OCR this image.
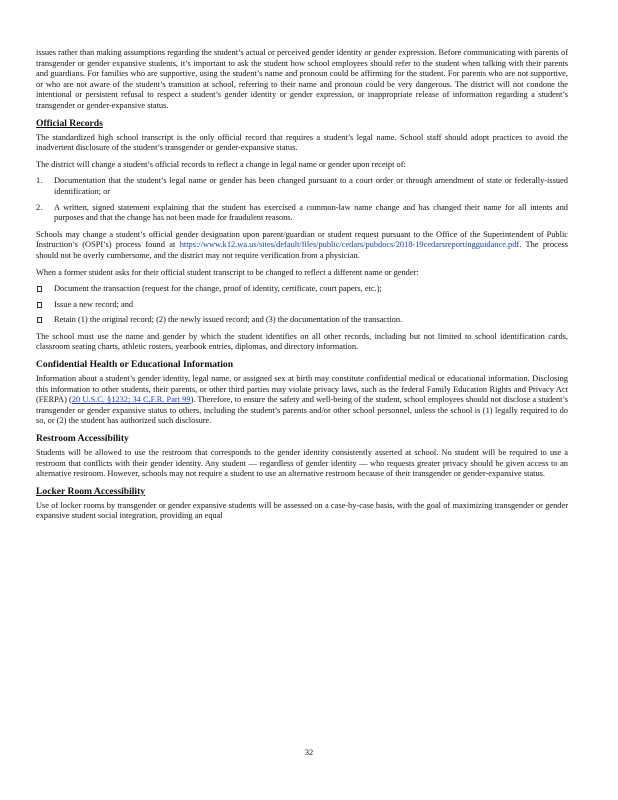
issues rather than making assumptions regarding the student’s actual or perceived gender identity or gender expression. Before communicating with parents of transgender or gender expansive students, it’s important to ask the student how school employees should refer to the student when talking with their parents and guardians. For families who are supportive, using the student’s name and pronoun could be affirming for the student. For parents who are not supportive, or who are not aware of the student’s transition at school, referring to their name and pronoun could be very dangerous. The district will not condone the intentional or persistent refusal to respect a student’s gender identity or gender expression, or inappropriate release of information regarding a student’s transgender or gender-expansive status.

Official Records

The standardized high school transcript is the only official record that requires a student’s legal name. School staff should adopt practices to avoid the inadvertent disclosure of the student’s transgender or gender-expansive status.

The district will change a student’s official records to reflect a change in legal name or gender upon receipt of:

1. Documentation that the student’s legal name or gender has been changed pursuant to a court order or through amendment of state or federally-issued identification; or
2. A written, signed statement explaining that the student has exercised a common-law name change and has changed their name for all intents and purposes and that the change has not been made for fraudulent reasons.

Schools may change a student’s official gender designation upon parent/guardian or student request pursuant to the Office of the Superintendent of Public Instruction’s (OSPI’s) process found at https://www.k12.wa.us/sites/default/files/public/cedars/pubdocs/2018-19cedarsreportingguidance.pdf. The process should not be overly cumbersome, and the district may not require verification from a physician.

When a former student asks for their official student transcript to be changed to reflect a different name or gender:

Document the transaction (request for the change, proof of identity, certificate, court papers, etc.);
Issue a new record; and
Retain (1) the original record; (2) the newly issued record; and (3) the documentation of the transaction.

The school must use the name and gender by which the student identifies on all other records, including but not limited to school identification cards, classroom seating charts, athletic rosters, yearbook entries, diplomas, and directory information.

Confidential Health or Educational Information

Information about a student’s gender identity, legal name, or assigned sex at birth may constitute confidential medical or educational information. Disclosing this information to other students, their parents, or other third parties may violate privacy laws, such as the federal Family Education Rights and Privacy Act (FERPA) (20 U.S.C. §1232; 34 C.F.R. Part 99). Therefore, to ensure the safety and well-being of the student, school employees should not disclose a student’s transgender or gender expansive status to others, including the student’s parents and/or other school personnel, unless the school is (1) legally required to do so, or (2) the student has authorized such disclosure.

Restroom Accessibility

Students will be allowed to use the restroom that corresponds to the gender identity consistently asserted at school. No student will be required to use a restroom that conflicts with their gender identity. Any student — regardless of gender identity — who requests greater privacy should be given access to an alternative restroom. However, schools may not require a student to use an alternative restroom because of their transgender or gender-expansive status.

Locker Room Accessibility

Use of locker rooms by transgender or gender expansive students will be assessed on a case-by-case basis, with the goal of maximizing transgender or gender expansive student social integration, providing an equal

32
